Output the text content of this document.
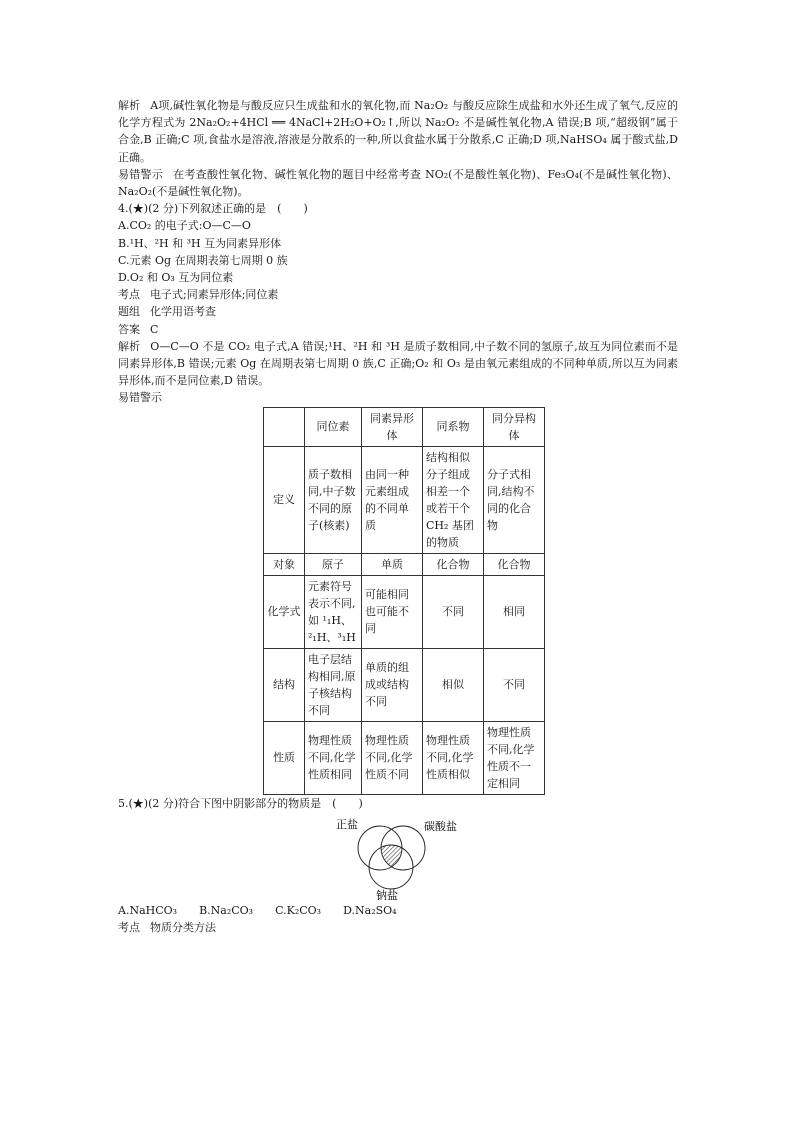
解析 A项,碱性氧化物是与酸反应只生成盐和水的氧化物,而 Na₂O₂ 与酸反应除生成盐和水外还生成了氧气,反应的化学方程式为 2Na₂O₂+4HCl ══ 4NaCl+2H₂O+O₂↑,所以 Na₂O₂ 不是碱性氧化物,A 错误;B 项,“超级钢”属于合金,B 正确;C 项,食盐水是溶液,溶液是分散系的一种,所以食盐水属于分散系,C 正确;D 项,NaHSO₄ 属于酸式盐,D 正确。

易错警示 在考查酸性氧化物、碱性氧化物的题目中经常考查 NO₂(不是酸性氧化物)、Fe₃O₄(不是碱性氧化物)、Na₂O₂(不是碱性氧化物)。

4.(★)(2 分)下列叙述正确的是　(　　)

A.CO₂ 的电子式:O—C—O

B.¹H、²H 和 ³H 互为同素异形体

C.元素 Og 在周期表第七周期 0 族

D.O₂ 和 O₃ 互为同位素

考点 电子式;同素异形体;同位素

题组 化学用语考查

答案 C

解析 O—C—O 不是 CO₂ 电子式,A 错误;¹H、²H 和 ³H 是质子数相同,中子数不同的氢原子,故互为同位素而不是同素异形体,B 错误;元素 Og 在周期表第七周期 0 族,C 正确;O₂ 和 O₃ 是由氧元素组成的不同种单质,所以互为同素异形体,而不是同位素,D 错误。

易错警示

	同位素	同素异形体	同系物	同分异构体
定义	质子数相同,中子数不同的原子(核素)	由同一种元素组成的不同单质	结构相似分子组成相差一个或若干个 CH₂ 基团的物质	分子式相同,结构不同的化合物
对象	原子	单质	化合物	化合物
化学式	元素符号表示不同,如 ¹₁H、²₁H、³₁H	可能相同也可能不同	不同	相同
结构	电子层结构相同,原子核结构不同	单质的组成或结构不同	相似	不同
性质	物理性质不同,化学性质相同	物理性质不同,化学性质不同	物理性质不同,化学性质相似	物理性质不同,化学性质不一定相同

5.(★)(2 分)符合下图中阴影部分的物质是　(　　)

正盐	碳酸盐
钠盐

A.NaHCO₃ B.Na₂CO₃ C.K₂CO₃ D.Na₂SO₄

考点 物质分类方法
